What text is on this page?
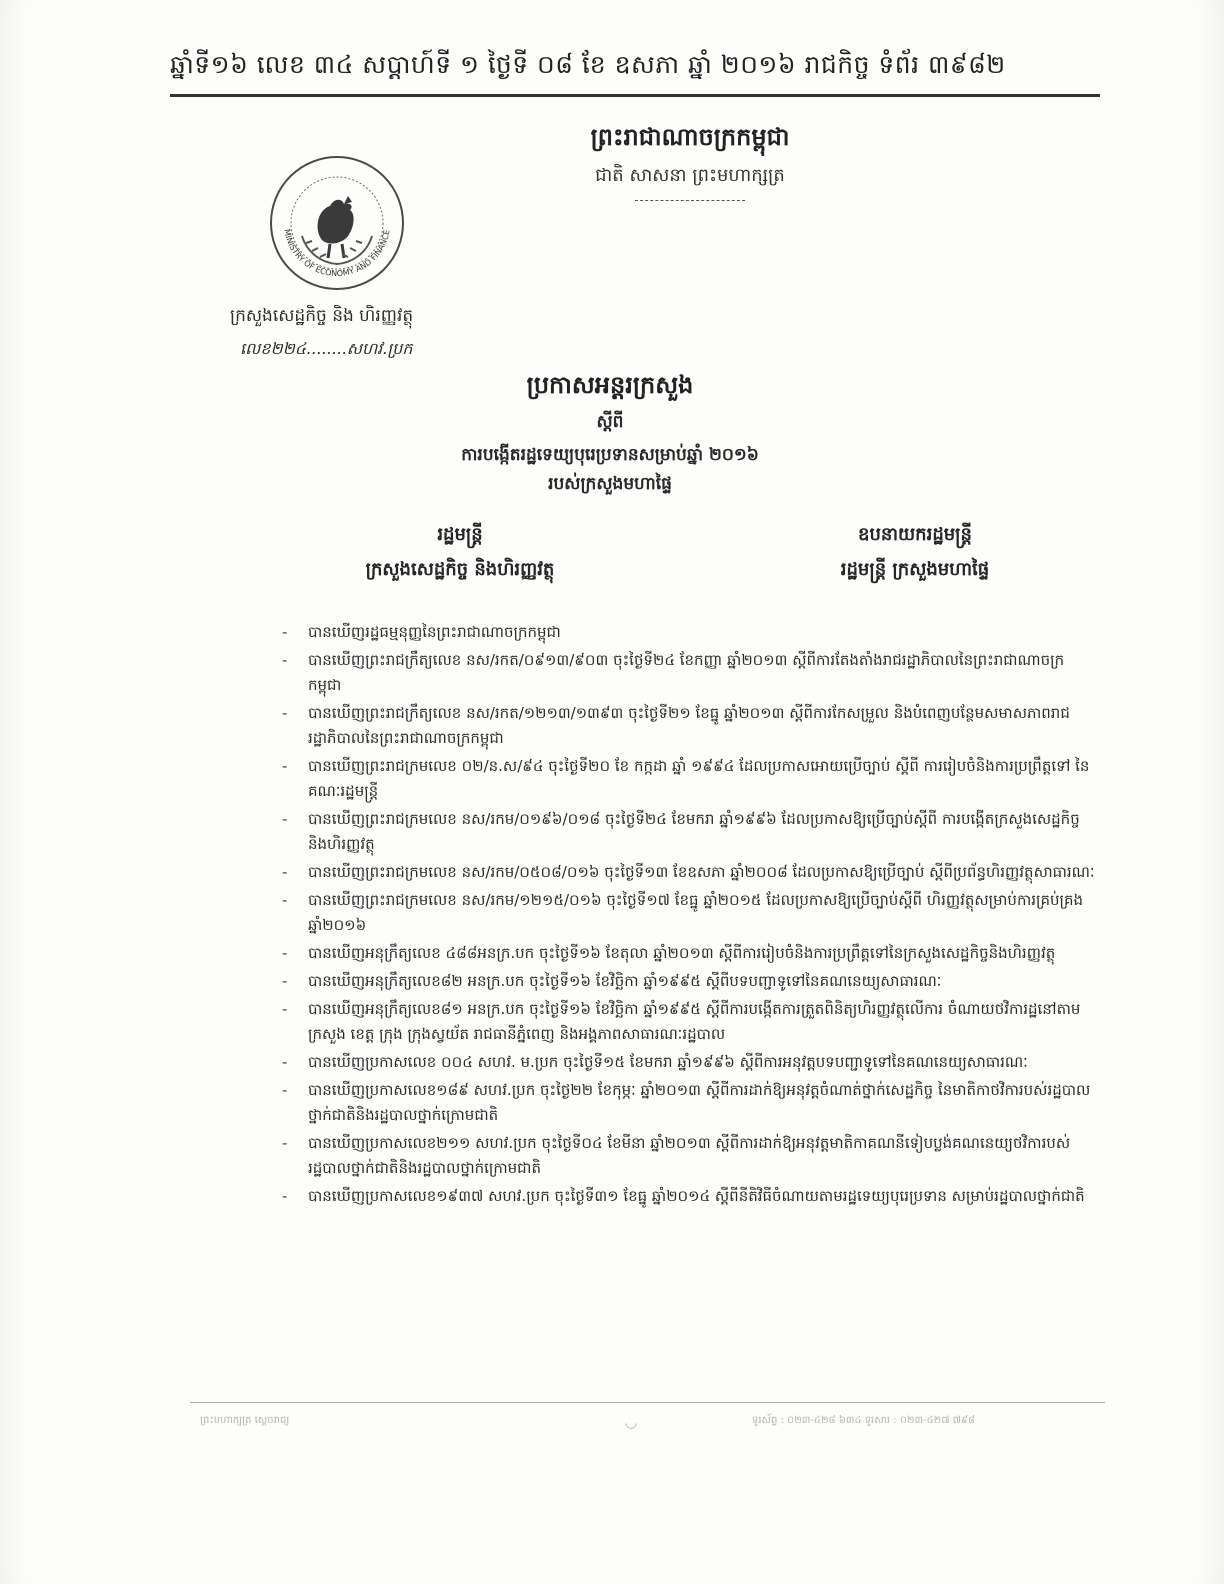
ឆ្នាំទី១៦ លេខ ៣៤ សប្តាហ៍ទី ១ ថ្ងៃទី ០៨ ខែ ឧសភា ឆ្នាំ ២០១៦ រាជកិច្ច ទំព័រ ៣៩៨២
ព្រះរាជាណាចក្រកម្ពុជា
ជាតិ សាសនា ព្រះមហាក្សត្រ
MINISTRY OF ECONOMY AND FINANCE
ក្រសួងសេដ្ឋកិច្ច និង ហិរញ្ញវត្ថុ
លេខ២២៤........សហវ.ប្រក
ប្រកាសអន្តរក្រសួង
ស្តីពី
ការបង្កើតរដ្ឋទេយ្យបុរេប្រទានសម្រាប់ឆ្នាំ ២០១៦
របស់ក្រសួងមហាផ្ទៃ
រដ្ឋមន្ត្រី
ក្រសួងសេដ្ឋកិច្ច និងហិរញ្ញវត្ថុ
ឧបនាយករដ្ឋមន្ត្រី
រដ្ឋមន្ត្រី ក្រសួងមហាផ្ទៃ
- បានឃើញរដ្ឋធម្មនុញ្ញនៃព្រះរាជាណាចក្រកម្ពុជា
- បានឃើញព្រះរាជក្រឹត្យលេខ នស/រកត/០៩១៣/៩០៣ ចុះថ្ងៃទី២៤ ខែកញ្ញា ឆ្នាំ២០១៣ ស្តីពីការតែងតាំងរាជរដ្ឋាភិបាលនៃព្រះរាជាណាចក្រកម្ពុជា
- បានឃើញព្រះរាជក្រឹត្យលេខ នស/រកត/១២១៣/១៣៩៣ ចុះថ្ងៃទី២១ ខែធ្នូ ឆ្នាំ២០១៣ ស្តីពីការកែសម្រួល និងបំពេញបន្ថែមសមាសភាពរាជរដ្ឋាភិបាលនៃព្រះរាជាណាចក្រកម្ពុជា
- បានឃើញព្រះរាជក្រមលេខ ០២/ន.ស/៩៤ ចុះថ្ងៃទី២០ ខែ កក្កដា ឆ្នាំ ១៩៩៤ ដែលប្រកាសអោយប្រើច្បាប់ ស្តីពី ការរៀបចំនិងការប្រព្រឹត្តទៅ នៃគណៈរដ្ឋមន្ត្រី
- បានឃើញព្រះរាជក្រមលេខ នស/រកម/០១៩៦/០១៨ ចុះថ្ងៃទី២៤ ខែមករា ឆ្នាំ១៩៩៦ ដែលប្រកាសឱ្យប្រើច្បាប់ស្តីពី ការបង្កើតក្រសួងសេដ្ឋកិច្ចនិងហិរញ្ញវត្ថុ
- បានឃើញព្រះរាជក្រមលេខ នស/រកម/០៥០៨/០១៦ ចុះថ្ងៃទី១៣ ខែឧសភា ឆ្នាំ២០០៨ ដែលប្រកាសឱ្យប្រើច្បាប់ ស្តីពីប្រព័ន្ធហិរញ្ញវត្ថុសាធារណៈ
- បានឃើញព្រះរាជក្រមលេខ នស/រកម/១២១៥/០១៦ ចុះថ្ងៃទី១៧ ខែធ្នូ ឆ្នាំ២០១៥ ដែលប្រកាសឱ្យប្រើច្បាប់ស្តីពី ហិរញ្ញវត្ថុសម្រាប់ការគ្រប់គ្រងឆ្នាំ២០១៦
- បានឃើញអនុក្រឹត្យលេខ ៤៨៨អនក្រ.បក ចុះថ្ងៃទី១៦ ខែតុលា ឆ្នាំ២០១៣ ស្តីពីការរៀបចំនិងការប្រព្រឹត្តទៅនៃក្រសួងសេដ្ឋកិច្ចនិងហិរញ្ញវត្ថុ
- បានឃើញអនុក្រឹត្យលេខ៨២ អនក្រ.បក ចុះថ្ងៃទី១៦ ខែវិច្ឆិកា ឆ្នាំ១៩៩៥ ស្តីពីបទបញ្ជាទូទៅនៃគណនេយ្យសាធារណៈ
- បានឃើញអនុក្រឹត្យលេខ៨១ អនក្រ.បក ចុះថ្ងៃទី១៦ ខែវិច្ឆិកា ឆ្នាំ១៩៩៥ ស្តីពីការបង្កើតការត្រួតពិនិត្យហិរញ្ញវត្ថុលើការ ចំណាយថវិការដ្ឋនៅតាមក្រសួង ខេត្ត ក្រុង ក្រុងស្វយ័ត រាជធានីភ្នំពេញ និងអង្គភាពសាធារណៈរដ្ឋបាល
- បានឃើញប្រកាសលេខ ០០៤ សហវ. ម.ប្រក ចុះថ្ងៃទី១៥ ខែមករា ឆ្នាំ១៩៩៦ ស្តីពីការអនុវត្តបទបញ្ជាទូទៅនៃគណនេយ្យសាធារណៈ
- បានឃើញប្រកាសលេខ១៨៩ សហវ.ប្រក ចុះថ្ងៃ២២ ខែកុម្ភៈ ឆ្នាំ២០១៣ ស្តីពីការដាក់ឱ្យអនុវត្តចំណាត់ថ្នាក់សេដ្ឋកិច្ច នៃមាតិកាថវិការបស់រដ្ឋបាលថ្នាក់ជាតិនិងរដ្ឋបាលថ្នាក់ក្រោមជាតិ
- បានឃើញប្រកាសលេខ២១១ សហវ.ប្រក ចុះថ្ងៃទី០៤ ខែមីនា ឆ្នាំ២០១៣ ស្តីពីការដាក់ឱ្យអនុវត្តមាតិកាគណនីទៀបប្លង់គណនេយ្យថវិការបស់រដ្ឋបាលថ្នាក់ជាតិនិងរដ្ឋបាលថ្នាក់ក្រោមជាតិ
- បានឃើញប្រកាសលេខ១៩៣៧ សហវ.ប្រក ចុះថ្ងៃទី៣១ ខែធ្នូ ឆ្នាំ២០១៤ ស្តីពីនីតិវិធីចំណាយតាមរដ្ឋទេយ្យបុរេប្រទាន សម្រាប់រដ្ឋបាលថ្នាក់ជាតិ
ព្រះមហាក្សត្រ ស្តេចរាជ្យ	◡	ទូរស័ព្ទ : ០២៣-៤២៨ ៦៣៤ ទូរសារ : ០២៣-៤២៧ ៧៩៨
